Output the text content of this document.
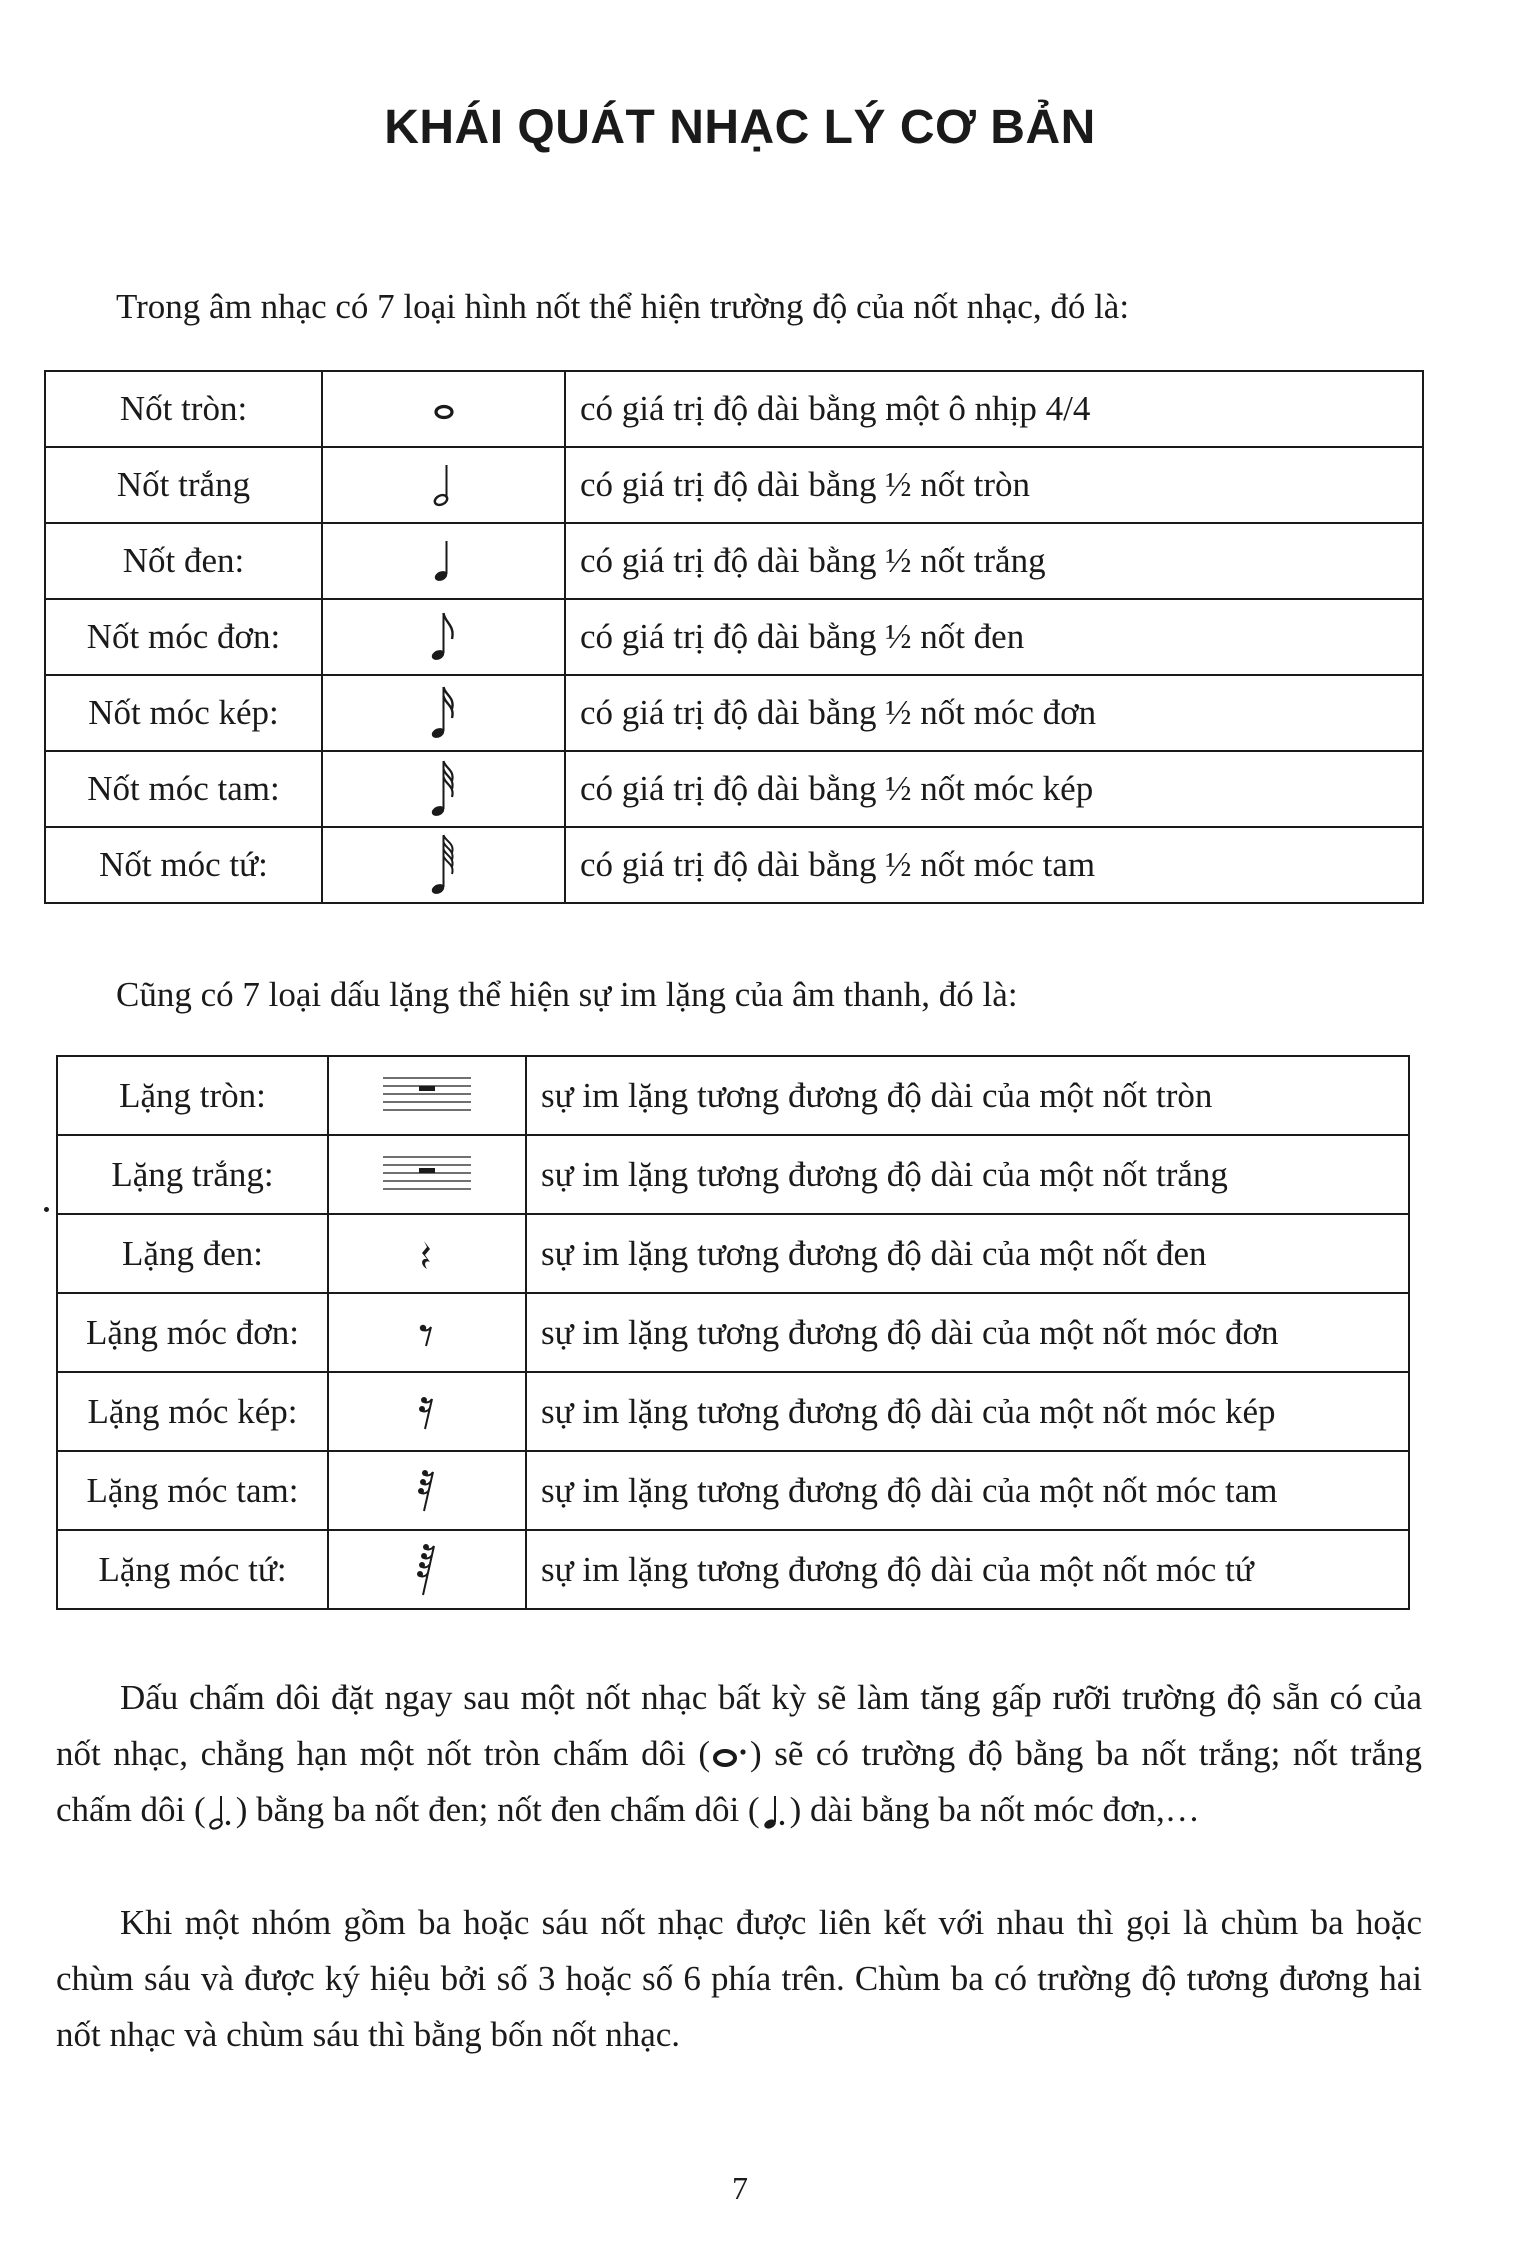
KHÁI QUÁT NHẠC LÝ CƠ BẢN

Trong âm nhạc có 7 loại hình nốt thể hiện trường độ của nốt nhạc, đó là:

Nốt tròn:		có giá trị độ dài bằng một ô nhịp 4/4
Nốt trắng		có giá trị độ dài bằng ½ nốt tròn
Nốt đen:		có giá trị độ dài bằng ½ nốt trắng
Nốt móc đơn:		có giá trị độ dài bằng ½ nốt đen
Nốt móc kép:		có giá trị độ dài bằng ½ nốt móc đơn
Nốt móc tam:		có giá trị độ dài bằng ½ nốt móc kép
Nốt móc tứ:		có giá trị độ dài bằng ½ nốt móc tam

Cũng có 7 loại dấu lặng thể hiện sự im lặng của âm thanh, đó là:

Lặng tròn:		sự im lặng tương đương độ dài của một nốt tròn
Lặng trắng:		sự im lặng tương đương độ dài của một nốt trắng
Lặng đen:		sự im lặng tương đương độ dài của một nốt đen
Lặng móc đơn:		sự im lặng tương đương độ dài của một nốt móc đơn
Lặng móc kép:		sự im lặng tương đương độ dài của một nốt móc kép
Lặng móc tam:		sự im lặng tương đương độ dài của một nốt móc tam
Lặng móc tứ:		sự im lặng tương đương độ dài của một nốt móc tứ

Dấu chấm dôi đặt ngay sau một nốt nhạc bất kỳ sẽ làm tăng gấp rưỡi trường độ sẵn có của nốt nhạc, chẳng hạn một nốt tròn chấm dôi ( ) sẽ có trường độ bằng ba nốt trắng; nốt trắng chấm dôi ( ) bằng ba nốt đen; nốt đen chấm dôi ( ) dài bằng ba nốt móc đơn,…

Khi một nhóm gồm ba hoặc sáu nốt nhạc được liên kết với nhau thì gọi là chùm ba hoặc chùm sáu và được ký hiệu bởi số 3 hoặc số 6 phía trên. Chùm ba có trường độ tương đương hai nốt nhạc và chùm sáu thì bằng bốn nốt nhạc.

7
